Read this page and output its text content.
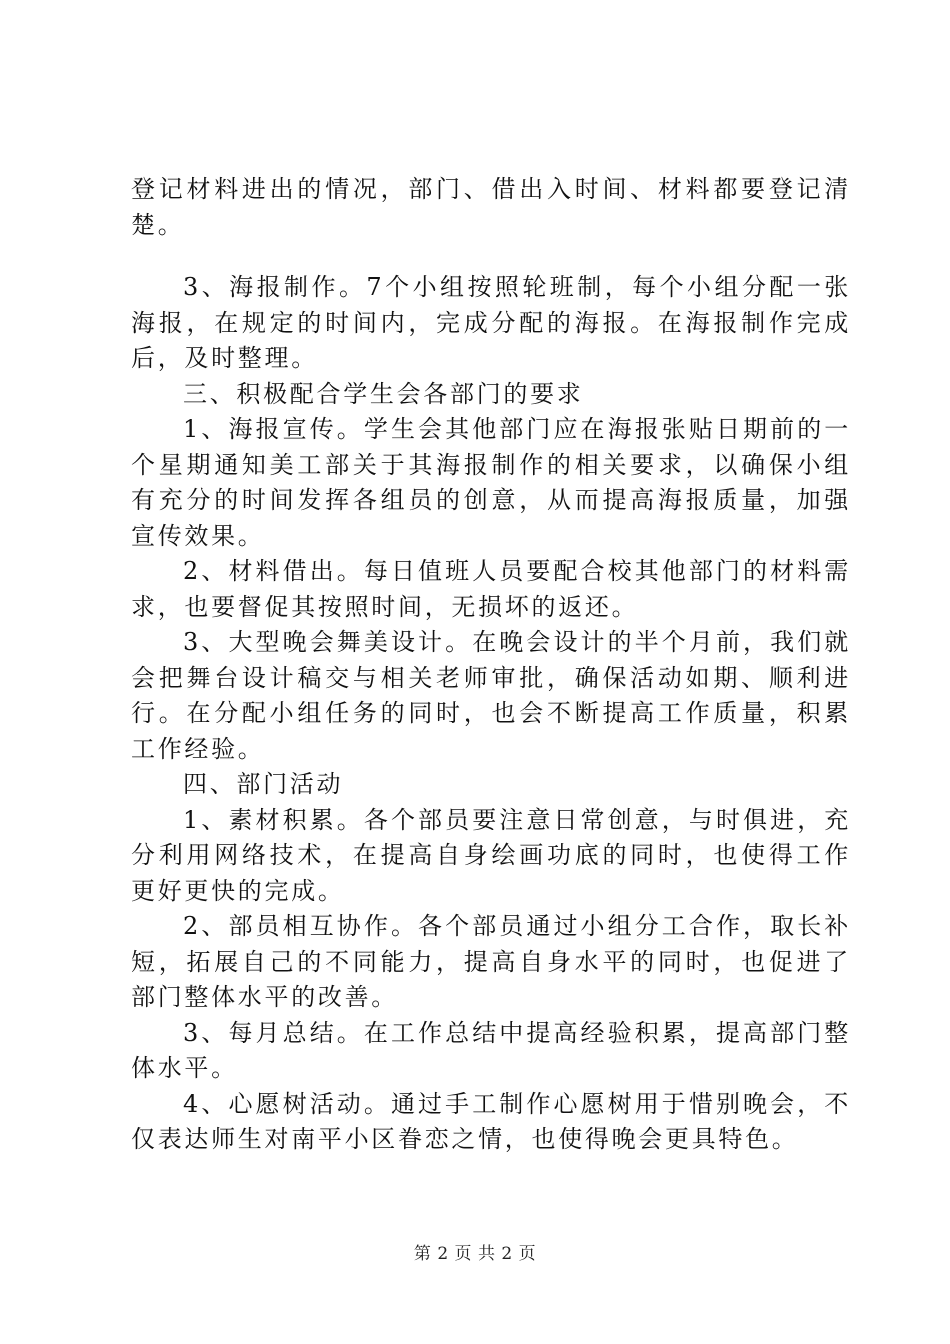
登记材料进出的情况，部门、借出入时间、材料都要登记清楚。

3、海报制作。7个小组按照轮班制，每个小组分配一张海报，在规定的时间内，完成分配的海报。在海报制作完成后，及时整理。

三、积极配合学生会各部门的要求

1、海报宣传。学生会其他部门应在海报张贴日期前的一个星期通知美工部关于其海报制作的相关要求，以确保小组有充分的时间发挥各组员的创意，从而提高海报质量，加强宣传效果。

2、材料借出。每日值班人员要配合校其他部门的材料需求，也要督促其按照时间，无损坏的返还。

3、大型晚会舞美设计。在晚会设计的半个月前，我们就会把舞台设计稿交与相关老师审批，确保活动如期、顺利进行。在分配小组任务的同时，也会不断提高工作质量，积累工作经验。

四、部门活动

1、素材积累。各个部员要注意日常创意，与时俱进，充分利用网络技术，在提高自身绘画功底的同时，也使得工作更好更快的完成。

2、部员相互协作。各个部员通过小组分工合作，取长补短，拓展自己的不同能力，提高自身水平的同时，也促进了部门整体水平的改善。

3、每月总结。在工作总结中提高经验积累，提高部门整体水平。

4、心愿树活动。通过手工制作心愿树用于惜别晚会，不仅表达师生对南平小区眷恋之情，也使得晚会更具特色。

第 2 页 共 2 页
